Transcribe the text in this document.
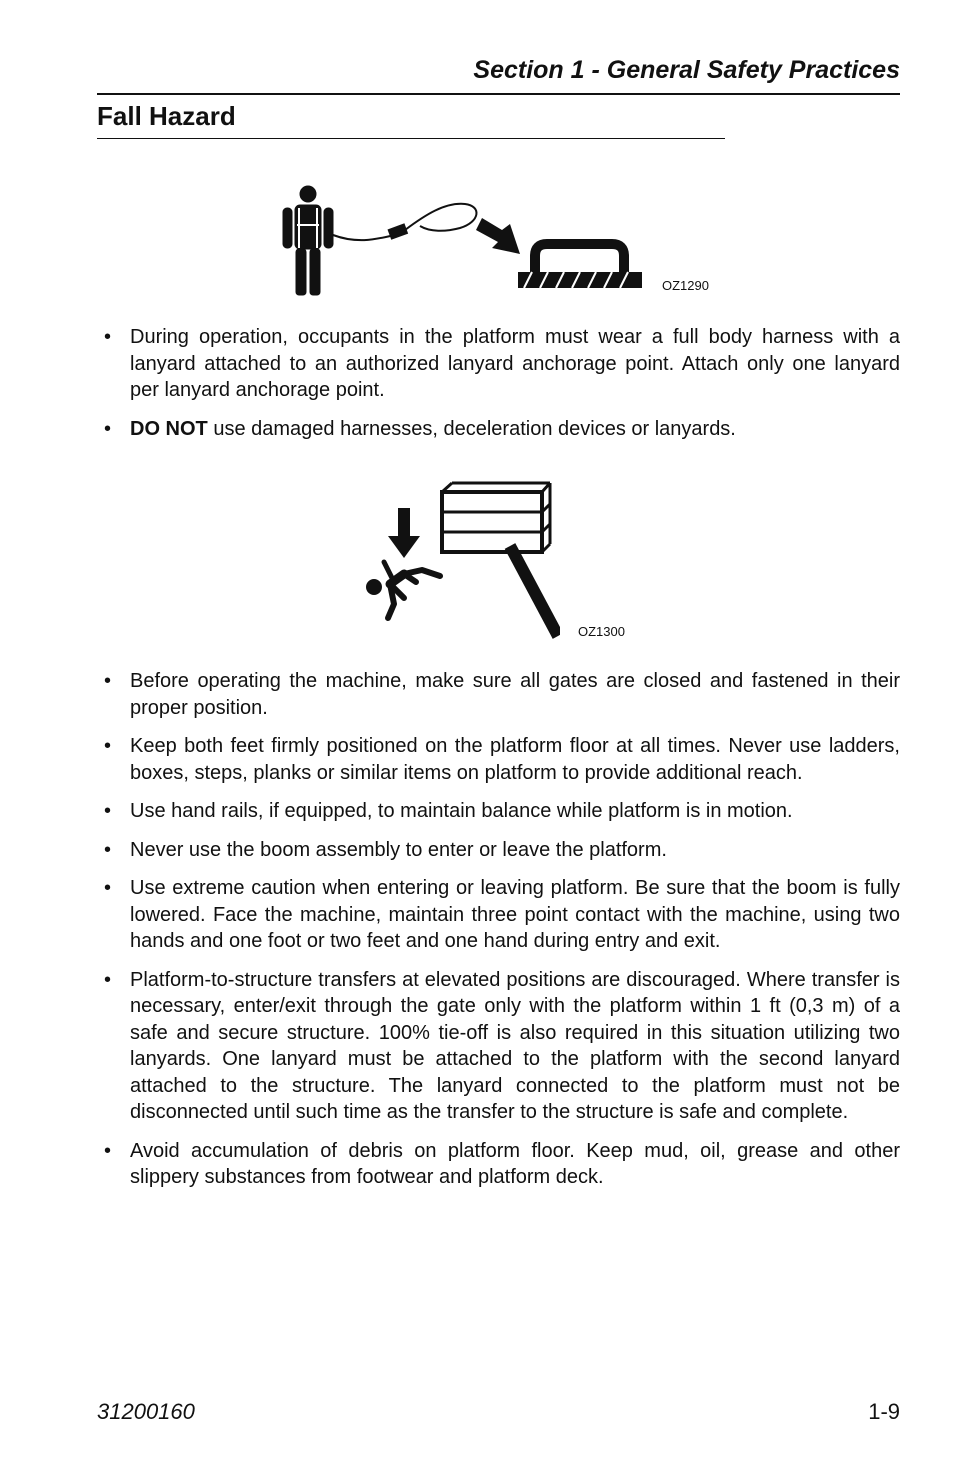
Section 1 - General Safety Practices
Fall Hazard
OZ1290
• During operation, occupants in the platform must wear a full body harness with a lanyard attached to an authorized lanyard anchorage point. Attach only one lanyard per lanyard anchorage point.
• DO NOT use damaged harnesses, deceleration devices or lanyards.
OZ1300
• Before operating the machine, make sure all gates are closed and fastened in their proper position.
• Keep both feet firmly positioned on the platform floor at all times. Never use ladders, boxes, steps, planks or similar items on platform to provide additional reach.
• Use hand rails, if equipped, to maintain balance while platform is in motion.
• Never use the boom assembly to enter or leave the platform.
• Use extreme caution when entering or leaving platform. Be sure that the boom is fully lowered. Face the machine, maintain three point contact with the machine, using two hands and one foot or two feet and one hand during entry and exit.
• Platform-to-structure transfers at elevated positions are discouraged. Where transfer is necessary, enter/exit through the gate only with the platform within 1 ft (0,3 m) of a safe and secure structure. 100% tie-off is also required in this situation utilizing two lanyards. One lanyard must be attached to the platform with the second lanyard attached to the structure. The lanyard connected to the platform must not be disconnected until such time as the transfer to the structure is safe and complete.
• Avoid accumulation of debris on platform floor. Keep mud, oil, grease and other slippery substances from footwear and platform deck.
31200160	1-9
